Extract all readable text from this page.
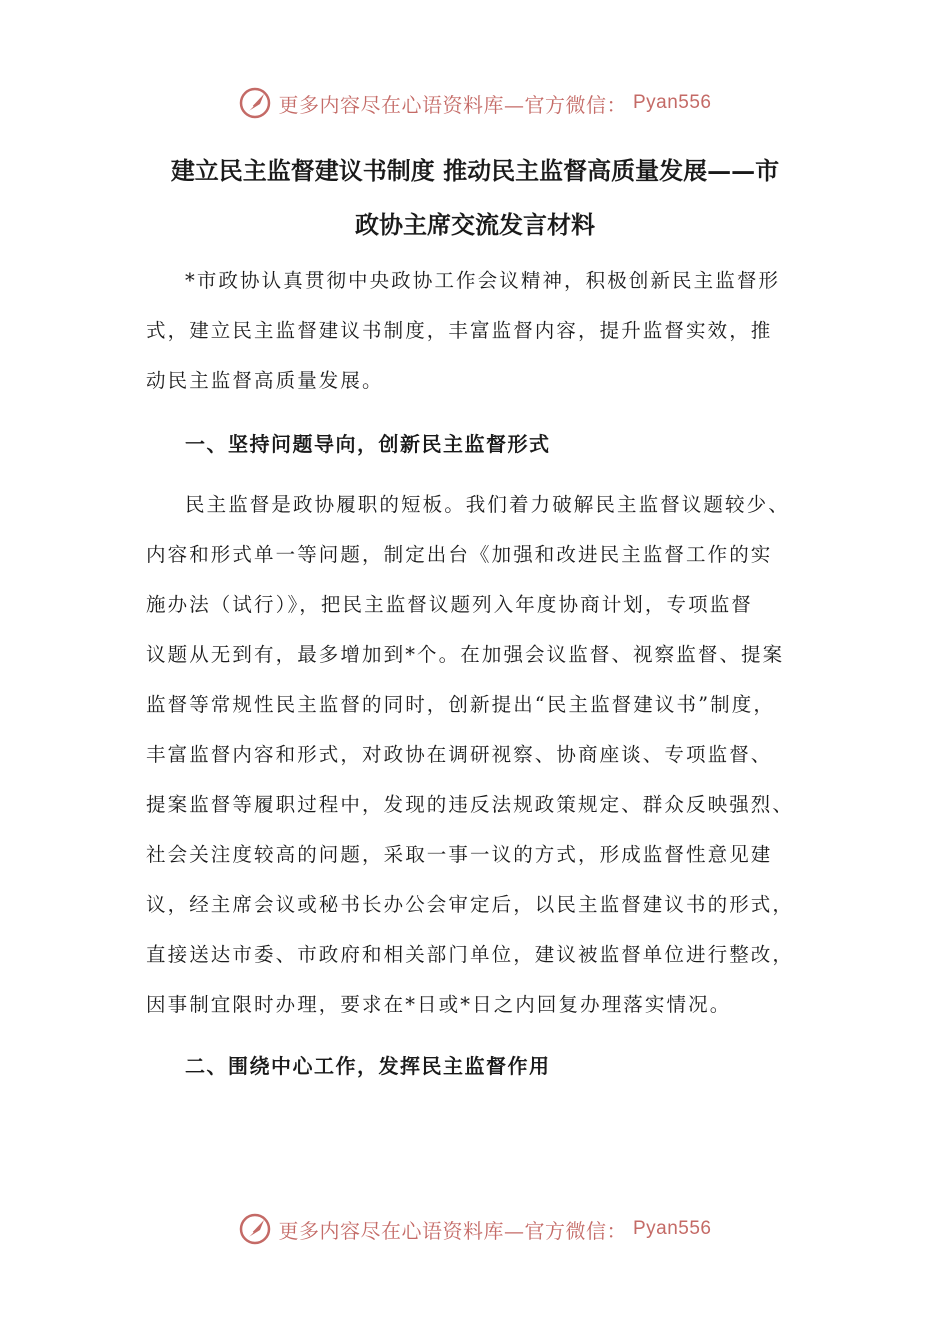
更多内容尽在心语资料库—官方微信： Pyan556
建立民主监督建议书制度 推动民主监督高质量发展——市
政协主席交流发言材料

*市政协认真贯彻中央政协工作会议精神，积极创新民主监督形
式，建立民主监督建议书制度，丰富监督内容，提升监督实效，推
动民主监督高质量发展。

一、坚持问题导向，创新民主监督形式

民主监督是政协履职的短板。我们着力破解民主监督议题较少、
内容和形式单一等问题，制定出台《加强和改进民主监督工作的实
施办法（试行）》，把民主监督议题列入年度协商计划，专项监督
议题从无到有，最多增加到*个。在加强会议监督、视察监督、提案
监督等常规性民主监督的同时，创新提出“民主监督建议书”制度，
丰富监督内容和形式，对政协在调研视察、协商座谈、专项监督、
提案监督等履职过程中，发现的违反法规政策规定、群众反映强烈、
社会关注度较高的问题，采取一事一议的方式，形成监督性意见建
议，经主席会议或秘书长办公会审定后，以民主监督建议书的形式，
直接送达市委、市政府和相关部门单位，建议被监督单位进行整改，
因事制宜限时办理，要求在*日或*日之内回复办理落实情况。

二、围绕中心工作，发挥民主监督作用
更多内容尽在心语资料库—官方微信： Pyan556
